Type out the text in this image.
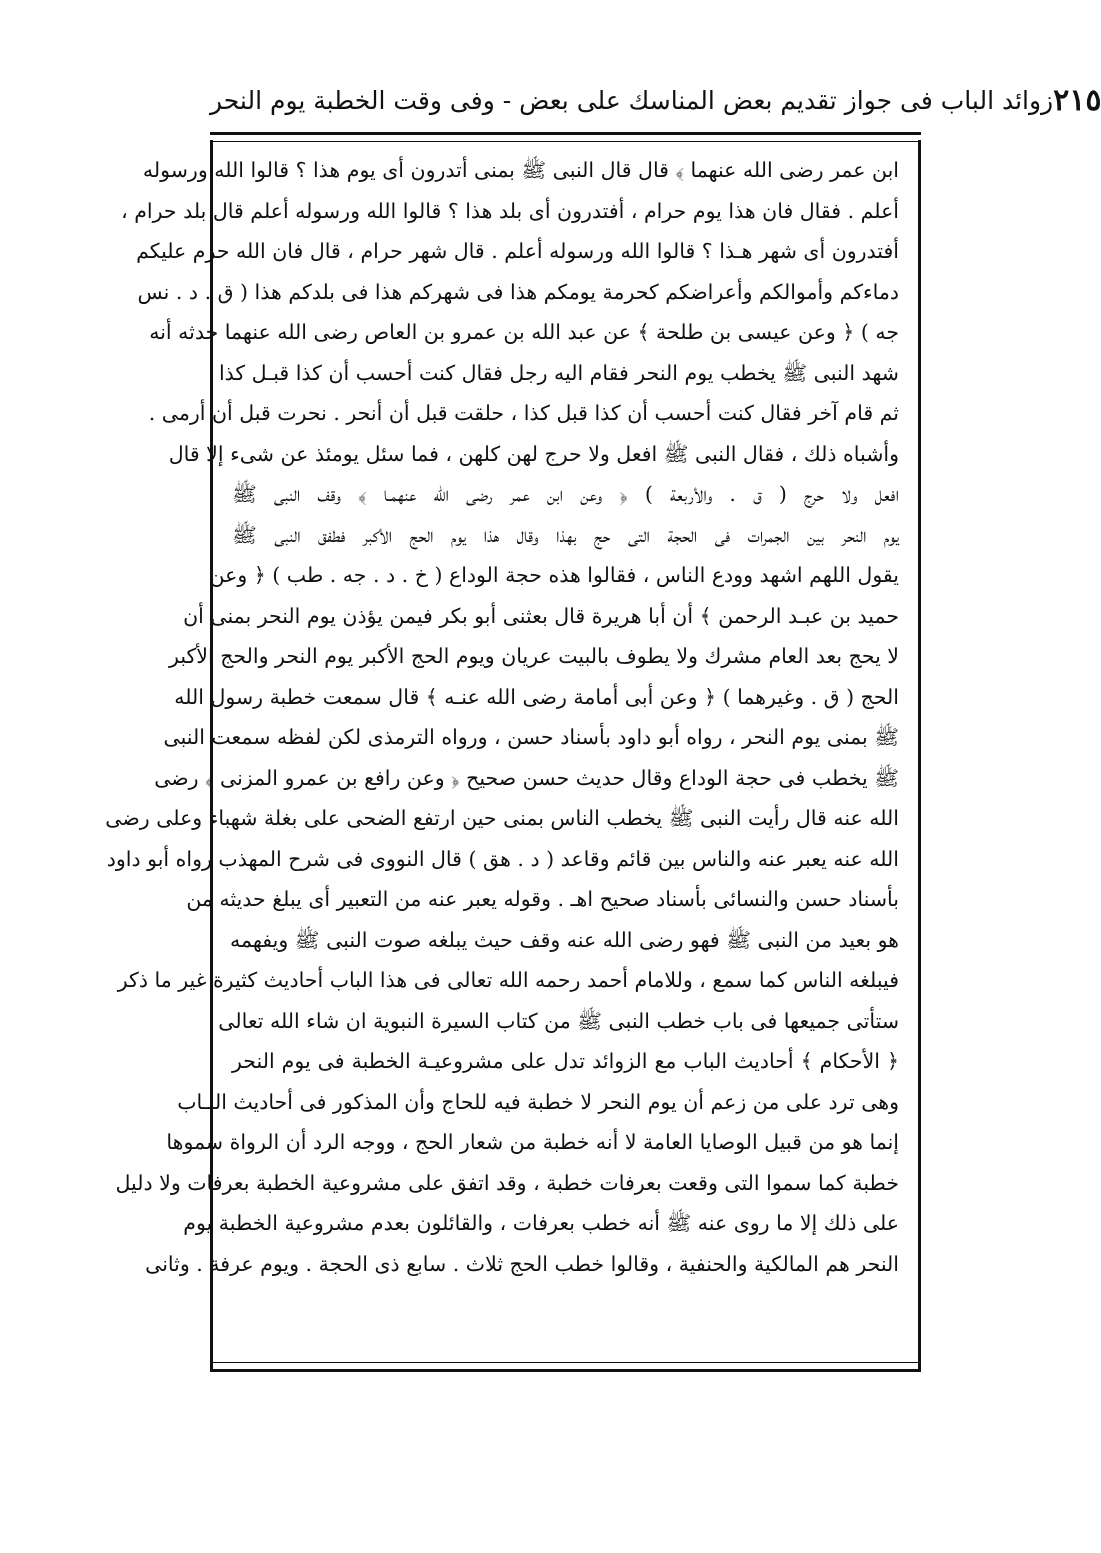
زوائد الباب فى جواز تقديم بعض المناسك على بعض - وفى وقت الخطبة يوم النحر ٢١٥
ابن عمر رضى الله عنهما ﴾ قال قال النبى ﷺ بمنى أتدرون أى يوم هذا ؟ قالوا الله ورسوله
أعلم . فقال فان هذا يوم حرام ، أفتدرون أى بلد هذا ؟ قالوا الله ورسوله أعلم قال بلد حرام ،
أفتدرون أى شهر هـذا ؟ قالوا الله ورسوله أعلم . قال شهر حرام ، قال فان الله حرم عليكم
دماءكم وأموالكم وأعراضكم كحرمة يومكم هذا فى شهركم هذا فى بلدكم هذا ( ق . د . نس
جه ) ﴿ وعن عيسى بن طلحة ﴾ عن عبد الله بن عمرو بن العاص رضى الله عنهما حدثه أنه
شهد النبى ﷺ يخطب يوم النحر فقام اليه رجل فقال كنت أحسب أن كذا قبـل كذا
ثم قام آخر فقال كنت أحسب أن كذا قبل كذا ، حلقت قبل أن أنحر . نحرت قبل أن أرمى .
وأشباه ذلك ، فقال النبى ﷺ افعل ولا حرج لهن كلهن ، فما سئل يومئذ عن شىء إلا قال
افعل ولا حرج ( ق . والأربعة ) ﴿ وعن ابن عمر رضى الله عنهمـا ﴾ وقف النبى ﷺ
يوم النحر بين الجمرات فى الحجة التى حج بهذا وقال هذا يوم الحج الأكبر فطفق النبى ﷺ
يقول اللهم اشهد وودع الناس ، فقالوا هذه حجة الوداع ( خ . د . جه . طب ) ﴿ وعن
حميد بن عبـد الرحمن ﴾ أن أبا هريرة قال بعثنى أبو بكر فيمن يؤذن يوم النحر بمنى أن
لا يحج بعد العام مشرك ولا يطوف بالبيت عريان ويوم الحج الأكبر يوم النحر والحج الأكبر
الحج ( ق . وغيرهما ) ﴿ وعن أبى أمامة رضى الله عنـه ﴾ قال سمعت خطبة رسول الله
ﷺ بمنى يوم النحر ، رواه أبو داود بأسناد حسن ، ورواه الترمذى لكن لفظه سمعت النبى
ﷺ يخطب فى حجة الوداع وقال حديث حسن صحيح ﴿ وعن رافع بن عمرو المزنى ﴾ رضى
الله عنه قال رأيت النبى ﷺ يخطب الناس بمنى حين ارتفع الضحى على بغلة شهباء وعلى رضى
الله عنه يعبر عنه والناس بين قائم وقاعد ( د . هق ) قال النووى فى شرح المهذب رواه أبو داود
بأسناد حسن والنسائى بأسناد صحيح اهـ . وقوله يعبر عنه من التعبير أى يبلغ حديثه من
هو بعيد من النبى ﷺ فهو رضى الله عنه وقف حيث يبلغه صوت النبى ﷺ ويفهمه
فيبلغه الناس كما سمع ، وللامام أحمد رحمه الله تعالى فى هذا الباب أحاديث كثيرة غير ما ذكر
ستأتى جميعها فى باب خطب النبى ﷺ من كتاب السيرة النبوية ان شاء الله تعالى
﴿ الأحكام ﴾ أحاديث الباب مع الزوائد تدل على مشروعيـة الخطبة فى يوم النحر
وهى ترد على من زعم أن يوم النحر لا خطبة فيه للحاج وأن المذكور فى أحاديث البـاب
إنما هو من قبيل الوصايا العامة لا أنه خطبة من شعار الحج ، ووجه الرد أن الرواة سموها
خطبة كما سموا التى وقعت بعرفات خطبة ، وقد اتفق على مشروعية الخطبة بعرفات ولا دليل
على ذلك إلا ما روى عنه ﷺ أنه خطب بعرفات ، والقائلون بعدم مشروعية الخطبة يوم
النحر هم المالكية والحنفية ، وقالوا خطب الحج ثلاث . سابع ذى الحجة . ويوم عرفة . وثانى
